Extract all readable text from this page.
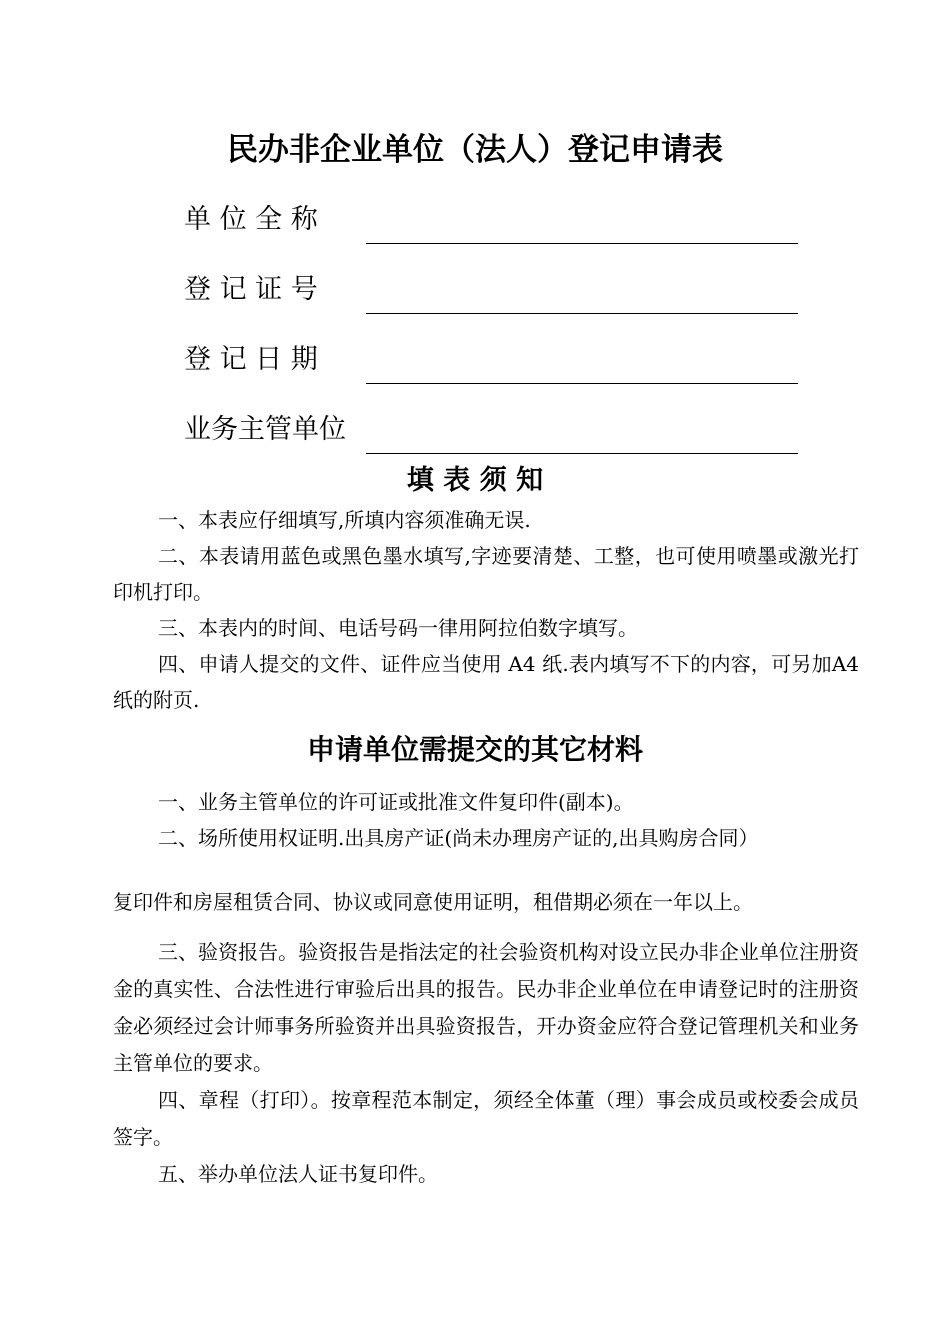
民办非企业单位（法人）登记申请表
单 位 全 称
登 记 证 号
登 记 日 期
业务主管单位
填 表 须 知
一、本表应仔细填写,所填内容须准确无误.
二、本表请用蓝色或黑色墨水填写,字迹要清楚、工整，也可使用喷墨或激光打印机打印。
三、本表内的时间、电话号码一律用阿拉伯数字填写。
四、申请人提交的文件、证件应当使用 A4 纸.表内填写不下的内容，可另加A4纸的附页.
申请单位需提交的其它材料
一、业务主管单位的许可证或批准文件复印件(副本)。
二、场所使用权证明.出具房产证(尚未办理房产证的,出具购房合同）
复印件和房屋租赁合同、协议或同意使用证明，租借期必须在一年以上。
三、验资报告。验资报告是指法定的社会验资机构对设立民办非企业单位注册资金的真实性、合法性进行审验后出具的报告。民办非企业单位在申请登记时的注册资金必须经过会计师事务所验资并出具验资报告，开办资金应符合登记管理机关和业务主管单位的要求。
四、章程（打印）。按章程范本制定，须经全体董（理）事会成员或校委会成员签字。
五、举办单位法人证书复印件。
